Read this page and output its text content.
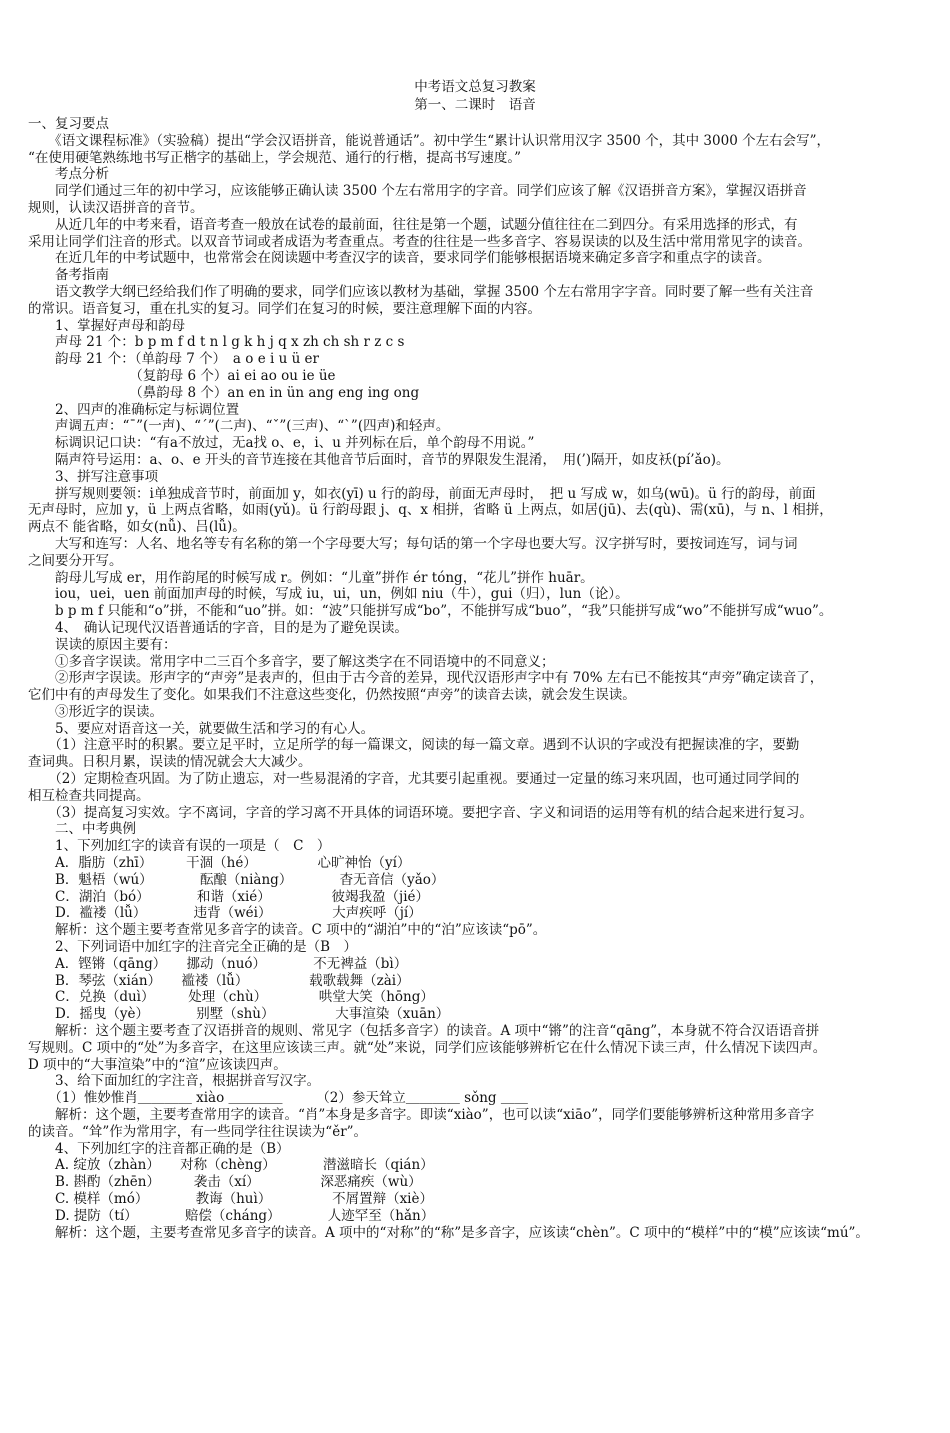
中考语文总复习教案
第一、二课时　语音

一、复习要点

　　《语文课程标准》（实验稿）提出“学会汉语拼音，能说普通话”。初中学生“累计认识常用汉字 3500 个，其中 3000 个左右会写”，

“在使用硬笔熟练地书写正楷字的基础上，学会规范、通行的行楷，提高书写速度。”

　　考点分析

　　同学们通过三年的初中学习，应该能够正确认读 3500 个左右常用字的字音。同学们应该了解《汉语拼音方案》，掌握汉语拼音

规则，认读汉语拼音的音节。

　　从近几年的中考来看，语音考查一般放在试卷的最前面，往往是第一个题，试题分值往往在二到四分。有采用选择的形式，有

采用让同学们注音的形式。以双音节词或者成语为考查重点。考查的往往是一些多音字、容易误读的以及生活中常用常见字的读音。

　　在近几年的中考试题中，也常常会在阅读题中考查汉字的读音，要求同学们能够根据语境来确定多音字和重点字的读音。

　　备考指南

　　语文教学大纲已经给我们作了明确的要求，同学们应该以教材为基础，掌握 3500 个左右常用字字音。同时要了解一些有关注音

的常识。语音复习，重在扎实的复习。同学们在复习的时候，要注意理解下面的内容。

　　1、掌握好声母和韵母

　　声母 21 个：b p m f d t n l g k h j q x zh ch sh r z c s

　　韵母 21 个：（单韵母 7 个）　a o e i u ü er

　　　　　　　　（复韵母 6 个）ai ei ao ou ie üe

　　　　　　　　（鼻韵母 8 个）an en in ün ang eng ing ong

　　2、四声的准确标定与标调位置

　　声调五声：“ˉ”(一声)、“ˊ”(二声)、“ˇ”(三声)、“ˋ”(四声)和轻声。

　　标调识记口诀：“有a不放过，无a找 o、e，i、u 并列标在后，单个韵母不用说。”

　　隔声符号运用：a、o、e 开头的音节连接在其他音节后面时，音节的界限发生混淆，　用(’)隔开，如皮袄(pí’ǎo)。

　　3、拼写注意事项

　　拼写规则要领：i单独成音节时，前面加 y，如衣(yī) u 行的韵母，前面无声母时，　把 u 写成 w，如乌(wū)。ü 行的韵母，前面

无声母时，应加 y，ü 上两点省略，如雨(yǔ)。ü 行韵母跟 j、q、x 相拼，省略 ü 上两点，如居(jū)、去(qù)、需(xū)，与 n、l 相拼，

两点不 能省略，如女(nǚ)、吕(lǚ)。

　　大写和连写：人名、地名等专有名称的第一个字母要大写；每句话的第一个字母也要大写。汉字拼写时，要按词连写，词与词

之间要分开写。

　　韵母儿写成 er，用作韵尾的时候写成 r。例如：“儿童”拼作 ér tóng，“花儿”拼作 huār。

　　iou，uei，uen 前面加声母的时候，写成 iu，ui，un，例如 niu（牛），gui（归），lun（论）。

　　b p m f 只能和“o”拼，不能和“uo”拼。如：“波”只能拼写成“bo”，不能拼写成“buo”，“我”只能拼写成“wo”不能拼写成“wuo”。

　　4、　确认记现代汉语普通话的字音，目的是为了避免误读。

　　误读的原因主要有：

　　①多音字误读。常用字中二三百个多音字，要了解这类字在不同语境中的不同意义；

　　②形声字误读。形声字的“声旁”是表声的，但由于古今音的差异，现代汉语形声字中有 70% 左右已不能按其“声旁”确定读音了，

它们中有的声母发生了变化。如果我们不注意这些变化，仍然按照“声旁”的读音去读，就会发生误读。

　　③形近字的误读。

　　5、要应对语音这一关，就要做生活和学习的有心人。

　　（1）注意平时的积累。要立足平时，立足所学的每一篇课文，阅读的每一篇文章。遇到不认识的字或没有把握读准的字，要勤

查词典。日积月累，误读的情况就会大大减少。

　　（2）定期检查巩固。为了防止遗忘，对一些易混淆的字音，尤其要引起重视。要通过一定量的练习来巩固，也可通过同学间的

相互检查共同提高。

　　（3）提高复习实效。字不离词，字音的学习离不开具体的词语环境。要把字音、字义和词语的运用等有机的结合起来进行复习。

　　二、中考典例

　　1、下列加红字的读音有误的一项是（　C　）

　　A．脂肪（zhī）　　　干涸（hé）　　　　　心旷神怡（yí）

　　B．魁梧（wú）　　　　酝酿（niàng）　　　　杳无音信（yǎo）

　　C．湖泊（bó）　　　　和谐（xié）　　　　　彼竭我盈（jié）

　　D．褴褛（lǚ）　　　　违背（wéi）　　　　　大声疾呼（jí）

　　解析：这个题主要考查常见多音字的读音。C 项中的“湖泊”中的“泊”应该读“pō”。

　　2、下列词语中加红字的注音完全正确的是（B　）

　　A．铿锵（qāng）　　挪动（nuó）　　　　不无裨益（bì）

　　B．琴弦（xián）　　褴褛（lǚ）　　　　　载歌载舞（zài）

　　C．兑换（duì）　　　处理（chù）　　　　 哄堂大笑（hōng）

　　D．摇曳（yè）　　　　别墅（shù）　　　　　大事渲染（xuān）

　　解析：这个题主要考查了汉语拼音的规则、常见字（包括多音字）的读音。A 项中“锵”的注音“qāng”，本身就不符合汉语语音拼

写规则。C 项中的“处”为多音字，在这里应该读三声。就“处”来说，同学们应该能够辨析它在什么情况下读三声，什么情况下读四声。

D 项中的“大事渲染”中的“渲”应该读四声。

　　3、给下面加红的字注音，根据拼音写汉字。

　　（1）惟妙惟肖＿＿＿＿ xiào ＿＿＿＿　　　（2）参天耸立＿＿＿＿ sǒng ＿＿

　　解析：这个题，主要考查常用字的读音。“肖”本身是多音字。即读“xiào”，也可以读“xiāo”，同学们要能够辨析这种常用多音字

的读音。“耸”作为常用字，有一些同学往往误读为“ěr”。

　　4、下列加红字的注音都正确的是（B）

　　A. 绽放（zhàn）　　对称（chèng）　　　　潜滋暗长（qián）

　　B. 斟酌（zhēn）　　　袭击（xí）　　　　　深恶痛疾（wù）

　　C. 模样（mó）　　　　教诲（huì）　　　　　不屑置辩（xiè）

　　D. 提防（tí）　　　　赔偿（cháng）　　　　人迹罕至（hǎn）

　　解析：这个题，主要考查常见多音字的读音。A 项中的“对称”的“称”是多音字，应该读“chèn”。C 项中的“模样”中的“模”应该读“mú”。
